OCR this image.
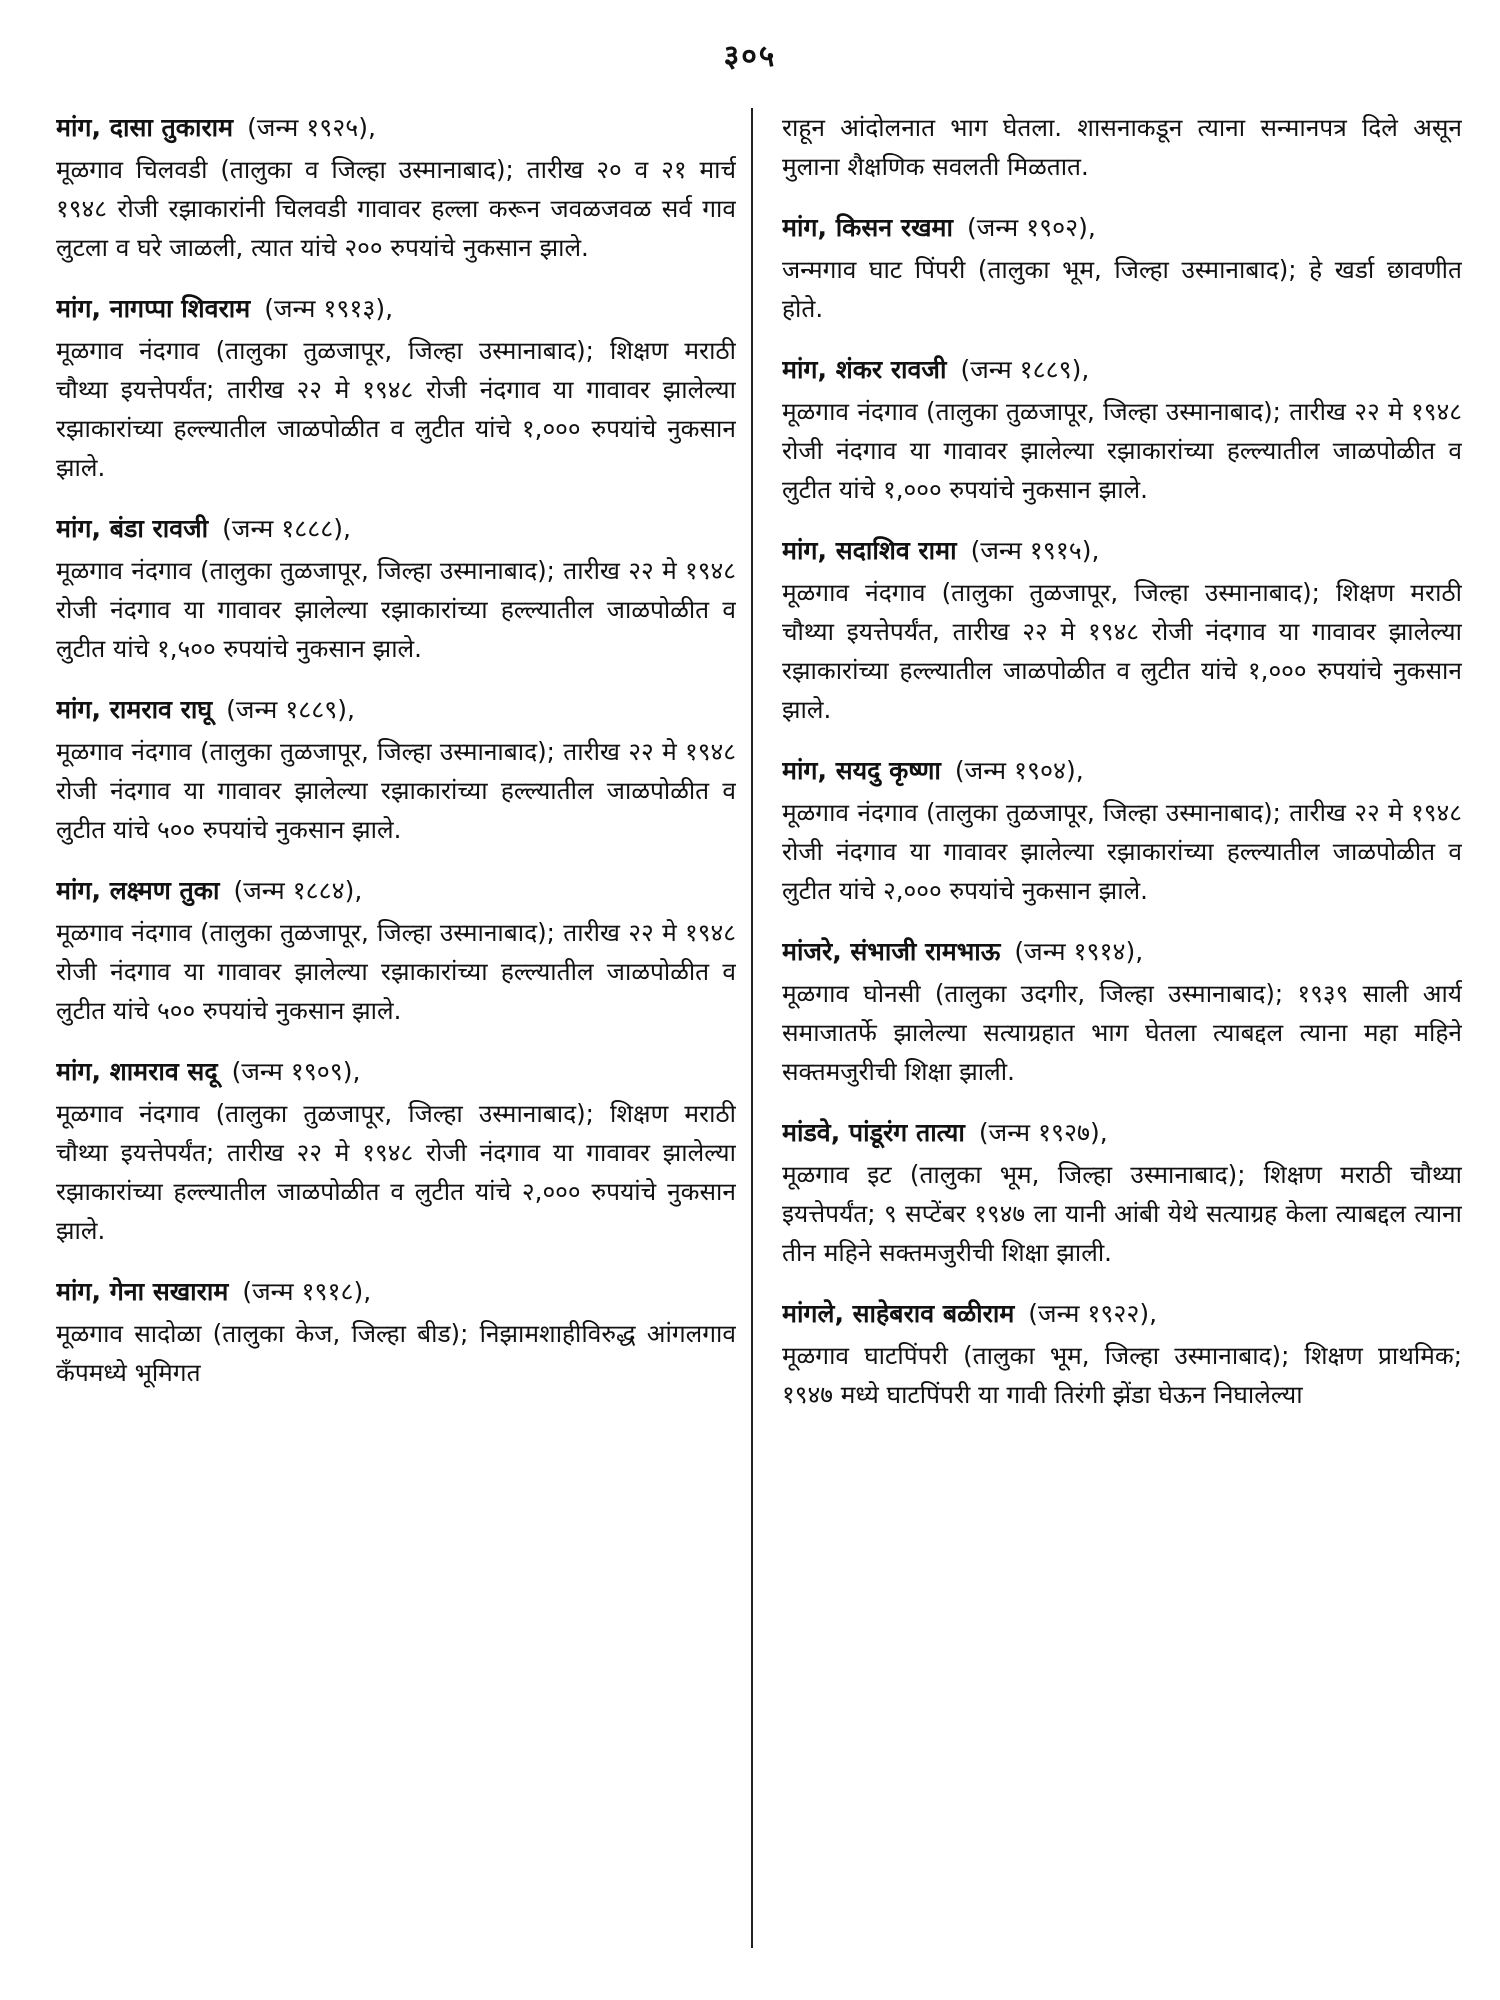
३०५
मांग, दासा तुकाराम (जन्म १९२५),

मूळगाव चिलवडी (तालुका व जिल्हा उस्मानाबाद); तारीख २० व २१ मार्च १९४८ रोजी रझाकारांनी चिलवडी गावावर हल्ला करून जवळजवळ सर्व गाव लुटला व घरे जाळली, त्यात यांचे २०० रुपयांचे नुकसान झाले.

मांग, नागप्पा शिवराम (जन्म १९१३),

मूळगाव नंदगाव (तालुका तुळजापूर, जिल्हा उस्मानाबाद); शिक्षण मराठी चौथ्या इयत्तेपर्यंत; तारीख २२ मे १९४८ रोजी नंदगाव या गावावर झालेल्या रझाकारांच्या हल्ल्यातील जाळपोळीत व लुटीत यांचे १,००० रुपयांचे नुकसान झाले.

मांग, बंडा रावजी (जन्म १८८८),

मूळगाव नंदगाव (तालुका तुळजापूर, जिल्हा उस्मानाबाद); तारीख २२ मे १९४८ रोजी नंदगाव या गावावर झालेल्या रझाकारांच्या हल्ल्यातील जाळपोळीत व लुटीत यांचे १,५०० रुपयांचे नुकसान झाले.

मांग, रामराव राघू (जन्म १८८९),

मूळगाव नंदगाव (तालुका तुळजापूर, जिल्हा उस्मानाबाद); तारीख २२ मे १९४८ रोजी नंदगाव या गावावर झालेल्या रझाकारांच्या हल्ल्यातील जाळपोळीत व लुटीत यांचे ५०० रुपयांचे नुकसान झाले.

मांग, लक्ष्मण तुका (जन्म १८८४),

मूळगाव नंदगाव (तालुका तुळजापूर, जिल्हा उस्मानाबाद); तारीख २२ मे १९४८ रोजी नंदगाव या गावावर झालेल्या रझाकारांच्या हल्ल्यातील जाळपोळीत व लुटीत यांचे ५०० रुपयांचे नुकसान झाले.

मांग, शामराव सदू (जन्म १९०९),

मूळगाव नंदगाव (तालुका तुळजापूर, जिल्हा उस्मानाबाद); शिक्षण मराठी चौथ्या इयत्तेपर्यंत; तारीख २२ मे १९४८ रोजी नंदगाव या गावावर झालेल्या रझाकारांच्या हल्ल्यातील जाळपोळीत व लुटीत यांचे २,००० रुपयांचे नुकसान झाले.

मांग, गेना सखाराम (जन्म १९१८),

मूळगाव सादोळा (तालुका केज, जिल्हा बीड); निझामशाहीविरुद्ध आंगलगाव कँपमध्ये भूमिगत

राहून आंदोलनात भाग घेतला. शासनाकडून त्याना सन्मानपत्र दिले असून मुलाना शैक्षणिक सवलती मिळतात.

मांग, किसन रखमा (जन्म १९०२),

जन्मगाव घाट पिंपरी (तालुका भूम, जिल्हा उस्मानाबाद); हे खर्डा छावणीत होते.

मांग, शंकर रावजी (जन्म १८८९),

मूळगाव नंदगाव (तालुका तुळजापूर, जिल्हा उस्मानाबाद); तारीख २२ मे १९४८ रोजी नंदगाव या गावावर झालेल्या रझाकारांच्या हल्ल्यातील जाळपोळीत व लुटीत यांचे १,००० रुपयांचे नुकसान झाले.

मांग, सदाशिव रामा (जन्म १९१५),

मूळगाव नंदगाव (तालुका तुळजापूर, जिल्हा उस्मानाबाद); शिक्षण मराठी चौथ्या इयत्तेपर्यंत, तारीख २२ मे १९४८ रोजी नंदगाव या गावावर झालेल्या रझाकारांच्या हल्ल्यातील जाळपोळीत व लुटीत यांचे १,००० रुपयांचे नुकसान झाले.

मांग, सयदु कृष्णा (जन्म १९०४),

मूळगाव नंदगाव (तालुका तुळजापूर, जिल्हा उस्मानाबाद); तारीख २२ मे १९४८ रोजी नंदगाव या गावावर झालेल्या रझाकारांच्या हल्ल्यातील जाळपोळीत व लुटीत यांचे २,००० रुपयांचे नुकसान झाले.

मांजरे, संभाजी रामभाऊ (जन्म १९१४),

मूळगाव घोनसी (तालुका उदगीर, जिल्हा उस्मानाबाद); १९३९ साली आर्य समाजातर्फे झालेल्या सत्याग्रहात भाग घेतला त्याबद्दल त्याना महा महिने सक्तमजुरीची शिक्षा झाली.

मांडवे, पांडूरंग तात्या (जन्म १९२७),

मूळगाव इट (तालुका भूम, जिल्हा उस्मानाबाद); शिक्षण मराठी चौथ्या इयत्तेपर्यंत; ९ सप्टेंबर १९४७ ला यानी आंबी येथे सत्याग्रह केला त्याबद्दल त्याना तीन महिने सक्तमजुरीची शिक्षा झाली.

मांगले, साहेबराव बळीराम (जन्म १९२२),

मूळगाव घाटपिंपरी (तालुका भूम, जिल्हा उस्मानाबाद); शिक्षण प्राथमिक; १९४७ मध्ये घाटपिंपरी या गावी तिरंगी झेंडा घेऊन निघालेल्या
